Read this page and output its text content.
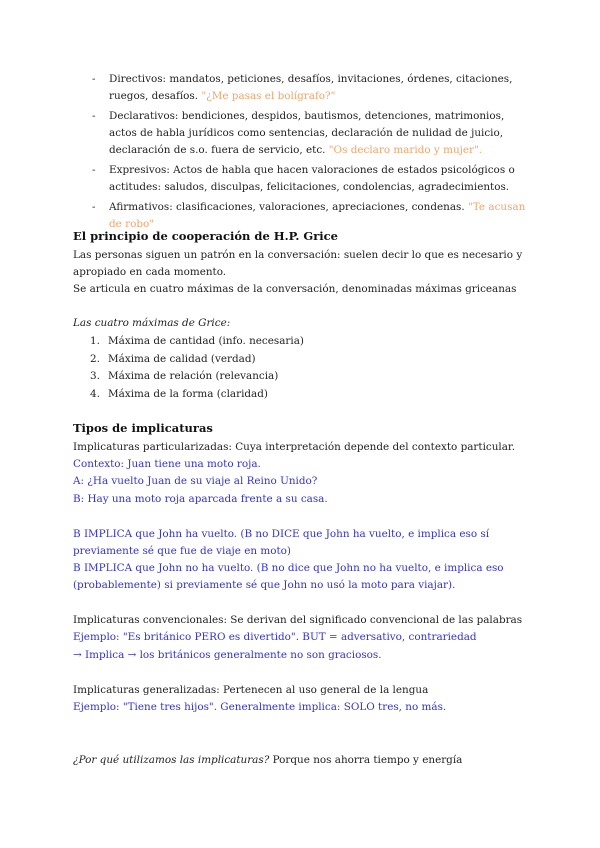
- Directivos: mandatos, peticiones, desafíos, invitaciones, órdenes, citaciones, ruegos, desafíos. "¿Me pasas el bolígrafo?"
- Declarativos: bendiciones, despidos, bautismos, detenciones, matrimonios, actos de habla jurídicos como sentencias, declaración de nulidad de juicio, declaración de s.o. fuera de servicio, etc. "Os declaro marido y mujer".
- Expresivos: Actos de habla que hacen valoraciones de estados psicológicos o actitudes: saludos, disculpas, felicitaciones, condolencias, agradecimientos.
- Afirmativos: clasificaciones, valoraciones, apreciaciones, condenas. "Te acusan de robo"
El principio de cooperación de H.P. Grice

Las personas siguen un patrón en la conversación: suelen decir lo que es necesario y apropiado en cada momento.

Se articula en cuatro máximas de la conversación, denominadas máximas griceanas

Las cuatro máximas de Grice:

1. Máxima de cantidad (info. necesaria)
2. Máxima de calidad (verdad)
3. Máxima de relación (relevancia)
4. Máxima de la forma (claridad)
Tipos de implicaturas

Implicaturas particularizadas: Cuya interpretación depende del contexto particular.

Contexto: Juan tiene una moto roja.

A: ¿Ha vuelto Juan de su viaje al Reino Unido?

B: Hay una moto roja aparcada frente a su casa.

B IMPLICA que John ha vuelto. (B no DICE que John ha vuelto, e implica eso sí previamente sé que fue de viaje en moto)

B IMPLICA que John no ha vuelto. (B no dice que John no ha vuelto, e implica eso (probablemente) si previamente sé que John no usó la moto para viajar).

Implicaturas convencionales: Se derivan del significado convencional de las palabras

Ejemplo: "Es británico PERO es divertido". BUT = adversativo, contrariedad

→ Implica → los británicos generalmente no son graciosos.

Implicaturas generalizadas: Pertenecen al uso general de la lengua

Ejemplo: "Tiene tres hijos". Generalmente implica: SOLO tres, no más.

¿Por qué utilizamos las implicaturas? Porque nos ahorra tiempo y energía
